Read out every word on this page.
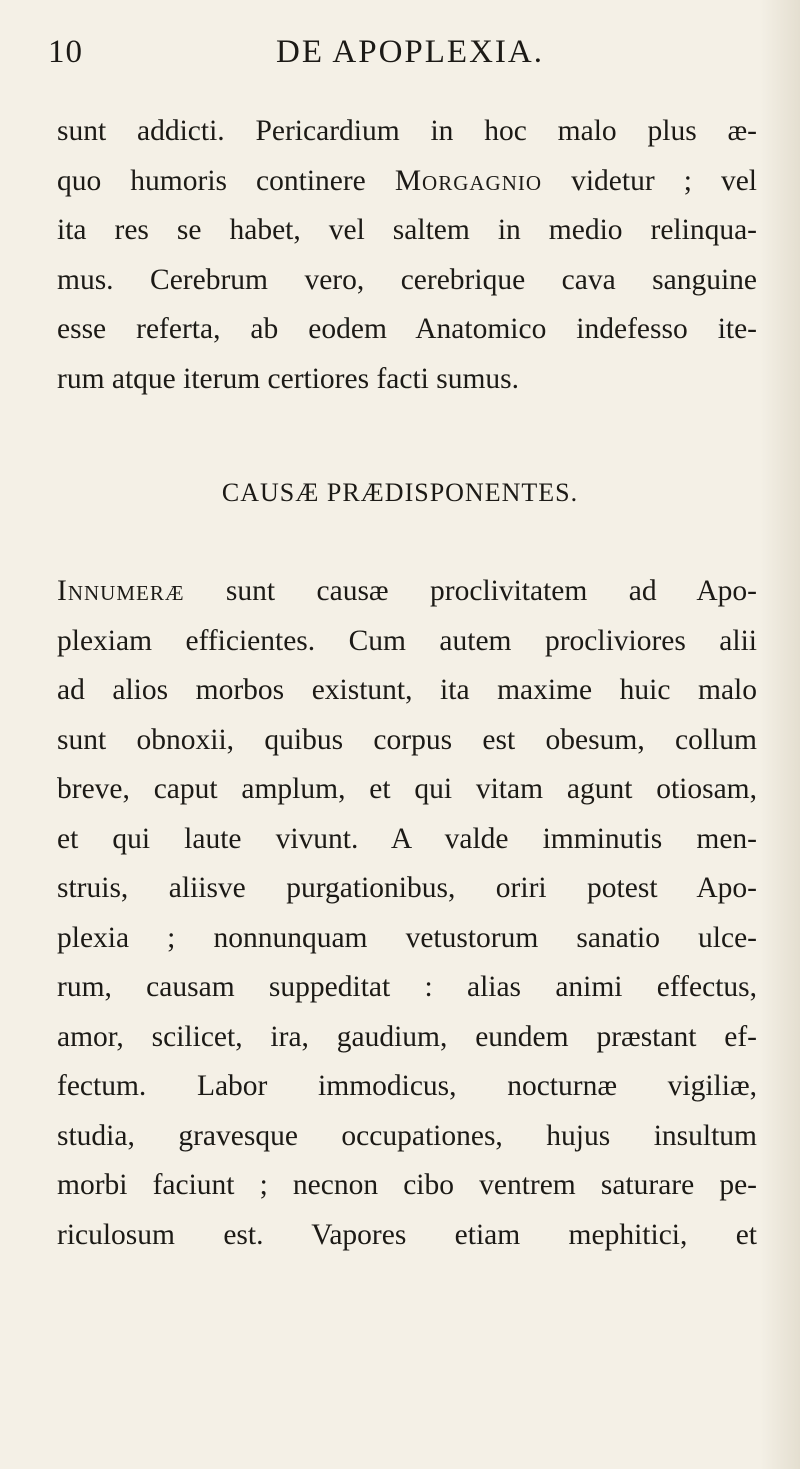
10	DE APOPLEXIA.
sunt addicti. Pericardium in hoc malo plus æ-
quo humoris continere Morgagnio videtur ; vel
ita res se habet, vel saltem in medio relinqua-
mus. Cerebrum vero, cerebrique cava sanguine
esse referta, ab eodem Anatomico indefesso ite-
rum atque iterum certiores facti sumus.
CAUSÆ PRÆDISPONENTES.
Innumeræ sunt causæ proclivitatem ad Apo-
plexiam efficientes. Cum autem procliviores alii
ad alios morbos existunt, ita maxime huic malo
sunt obnoxii, quibus corpus est obesum, collum
breve, caput amplum, et qui vitam agunt otiosam,
et qui laute vivunt. A valde imminutis men-
struis, aliisve purgationibus, oriri potest Apo-
plexia ; nonnunquam vetustorum sanatio ulce-
rum, causam suppeditat : alias animi effectus,
amor, scilicet, ira, gaudium, eundem præstant ef-
fectum. Labor immodicus, nocturnæ vigiliæ,
studia, gravesque occupationes, hujus insultum
morbi faciunt ; necnon cibo ventrem saturare pe-
riculosum est. Vapores etiam mephitici, et
